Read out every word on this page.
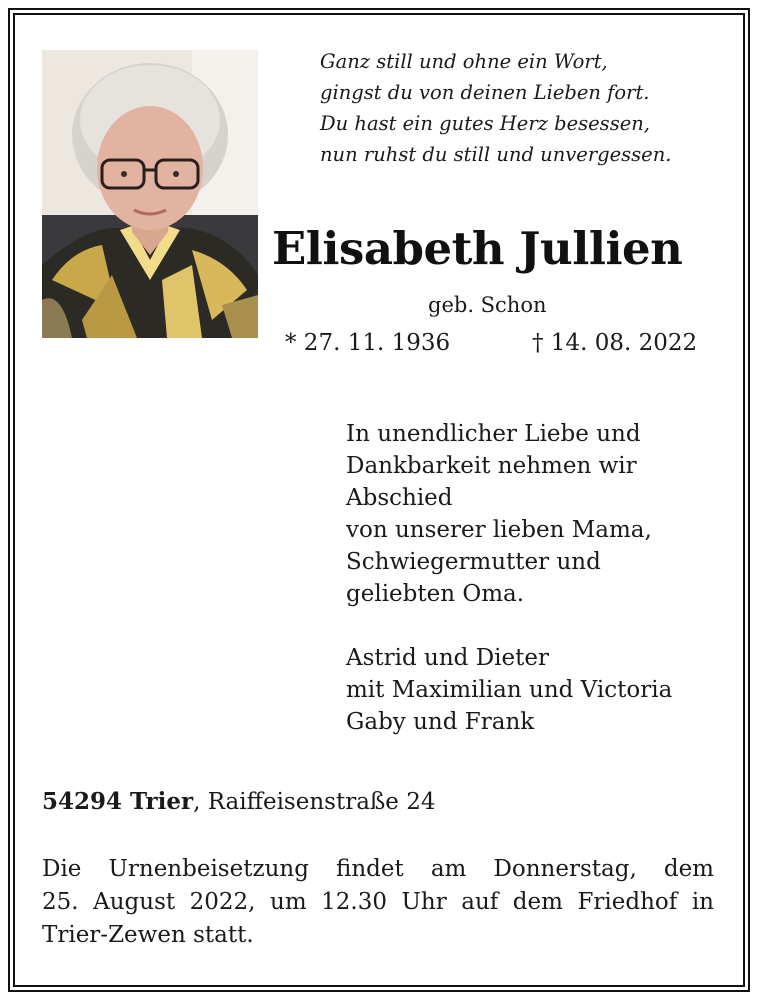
Ganz still und ohne ein Wort,
gingst du von deinen Lieben fort.
Du hast ein gutes Herz besessen,
nun ruhst du still und unvergessen.
Elisabeth Jullien
geb. Schon
* 27. 11. 1936	† 14. 08. 2022
In unendlicher Liebe und
Dankbarkeit nehmen wir
Abschied
von unserer lieben Mama,
Schwiegermutter und
geliebten Oma.
Astrid und Dieter
mit Maximilian und Victoria
Gaby und Frank
54294 Trier, Raiffeisenstraße 24
Die Urnenbeisetzung findet am Donnerstag, dem
25. August 2022, um 12.30 Uhr auf dem Friedhof in
Trier-Zewen statt.
